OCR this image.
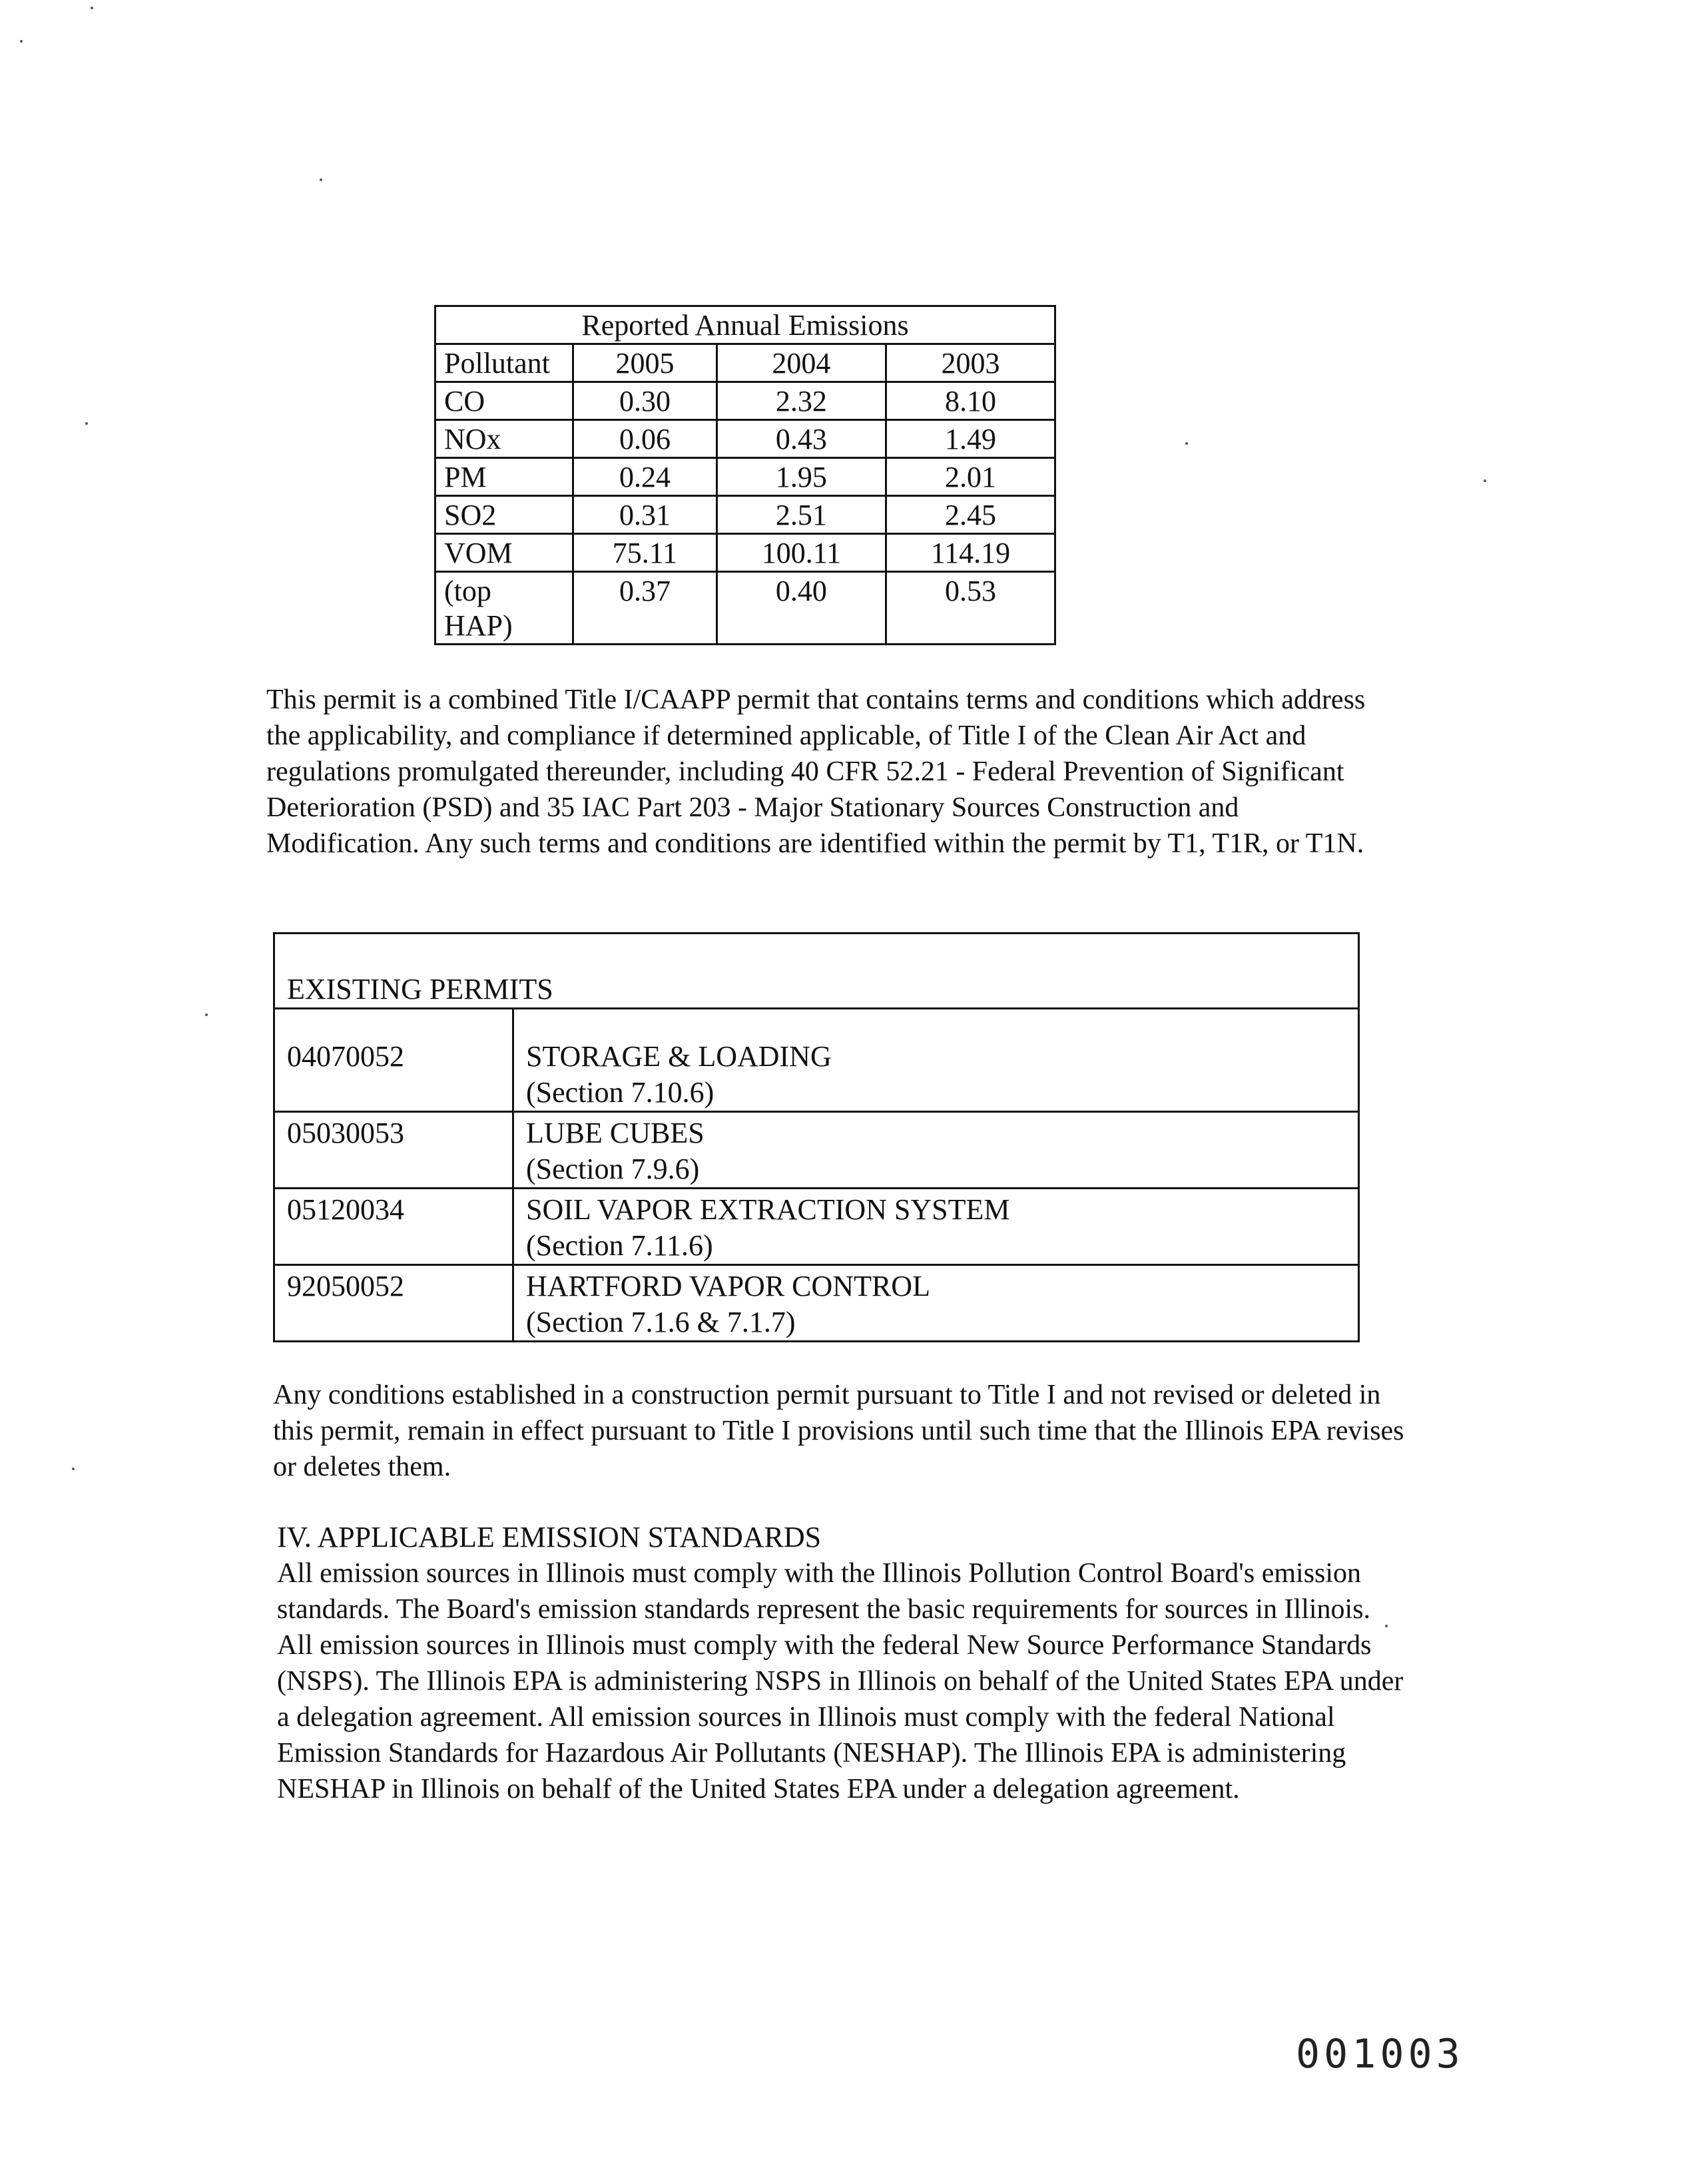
Reported Annual Emissions			
Pollutant	2005	2004	2003
CO	0.30	2.32	8.10
NOx	0.06	0.43	1.49
PM	0.24	1.95	2.01
SO2	0.31	2.51	2.45
VOM	75.11	100.11	114.19
(top HAP)	0.37	0.40	0.53

This permit is a combined Title I/CAAPP permit that contains terms and conditions which address the applicability, and compliance if determined applicable, of Title I of the Clean Air Act and regulations promulgated thereunder, including 40 CFR 52.21 - Federal Prevention of Significant Deterioration (PSD) and 35 IAC Part 203 - Major Stationary Sources Construction and Modification. Any such terms and conditions are identified within the permit by T1, T1R, or T1N.

EXISTING PERMITS	
04070052	STORAGE & LOADING
(Section 7.10.6)

05030053	LUBE CUBES
(Section 7.9.6)

05120034	SOIL VAPOR EXTRACTION SYSTEM
(Section 7.11.6)

92050052	HARTFORD VAPOR CONTROL
(Section 7.1.6 & 7.1.7)

Any conditions established in a construction permit pursuant to Title I and not revised or deleted in this permit, remain in effect pursuant to Title I provisions until such time that the Illinois EPA revises or deletes them.

IV. APPLICABLE EMISSION STANDARDS

All emission sources in Illinois must comply with the Illinois Pollution Control Board's emission standards. The Board's emission standards represent the basic requirements for sources in Illinois. All emission sources in Illinois must comply with the federal New Source Performance Standards (NSPS). The Illinois EPA is administering NSPS in Illinois on behalf of the United States EPA under a delegation agreement. All emission sources in Illinois must comply with the federal National Emission Standards for Hazardous Air Pollutants (NESHAP). The Illinois EPA is administering NESHAP in Illinois on behalf of the United States EPA under a delegation agreement.

001003
